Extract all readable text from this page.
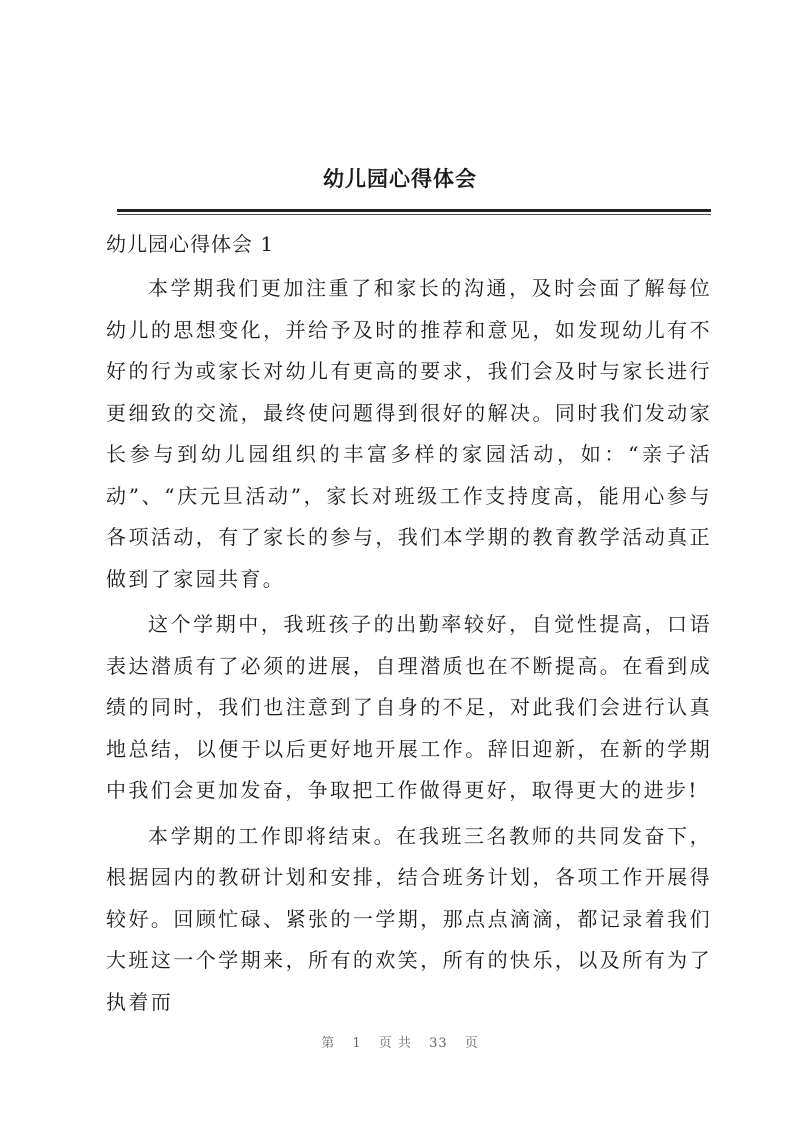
幼儿园心得体会
幼儿园心得体会 1

本学期我们更加注重了和家长的沟通，及时会面了解每位幼儿的思想变化，并给予及时的推荐和意见，如发现幼儿有不好的行为或家长对幼儿有更高的要求，我们会及时与家长进行更细致的交流，最终使问题得到很好的解决。同时我们发动家长参与到幼儿园组织的丰富多样的家园活动，如：“亲子活动”、“庆元旦活动”，家长对班级工作支持度高，能用心参与各项活动，有了家长的参与，我们本学期的教育教学活动真正做到了家园共育。

这个学期中，我班孩子的出勤率较好，自觉性提高，口语表达潜质有了必须的进展，自理潜质也在不断提高。在看到成绩的同时，我们也注意到了自身的不足，对此我们会进行认真地总结，以便于以后更好地开展工作。辞旧迎新，在新的学期中我们会更加发奋，争取把工作做得更好，取得更大的进步!

本学期的工作即将结束。在我班三名教师的共同发奋下，根据园内的教研计划和安排，结合班务计划，各项工作开展得较好。回顾忙碌、紧张的一学期，那点点滴滴，都记录着我们大班这一个学期来，所有的欢笑，所有的快乐，以及所有为了执着而

第 1 页 共 33 页
